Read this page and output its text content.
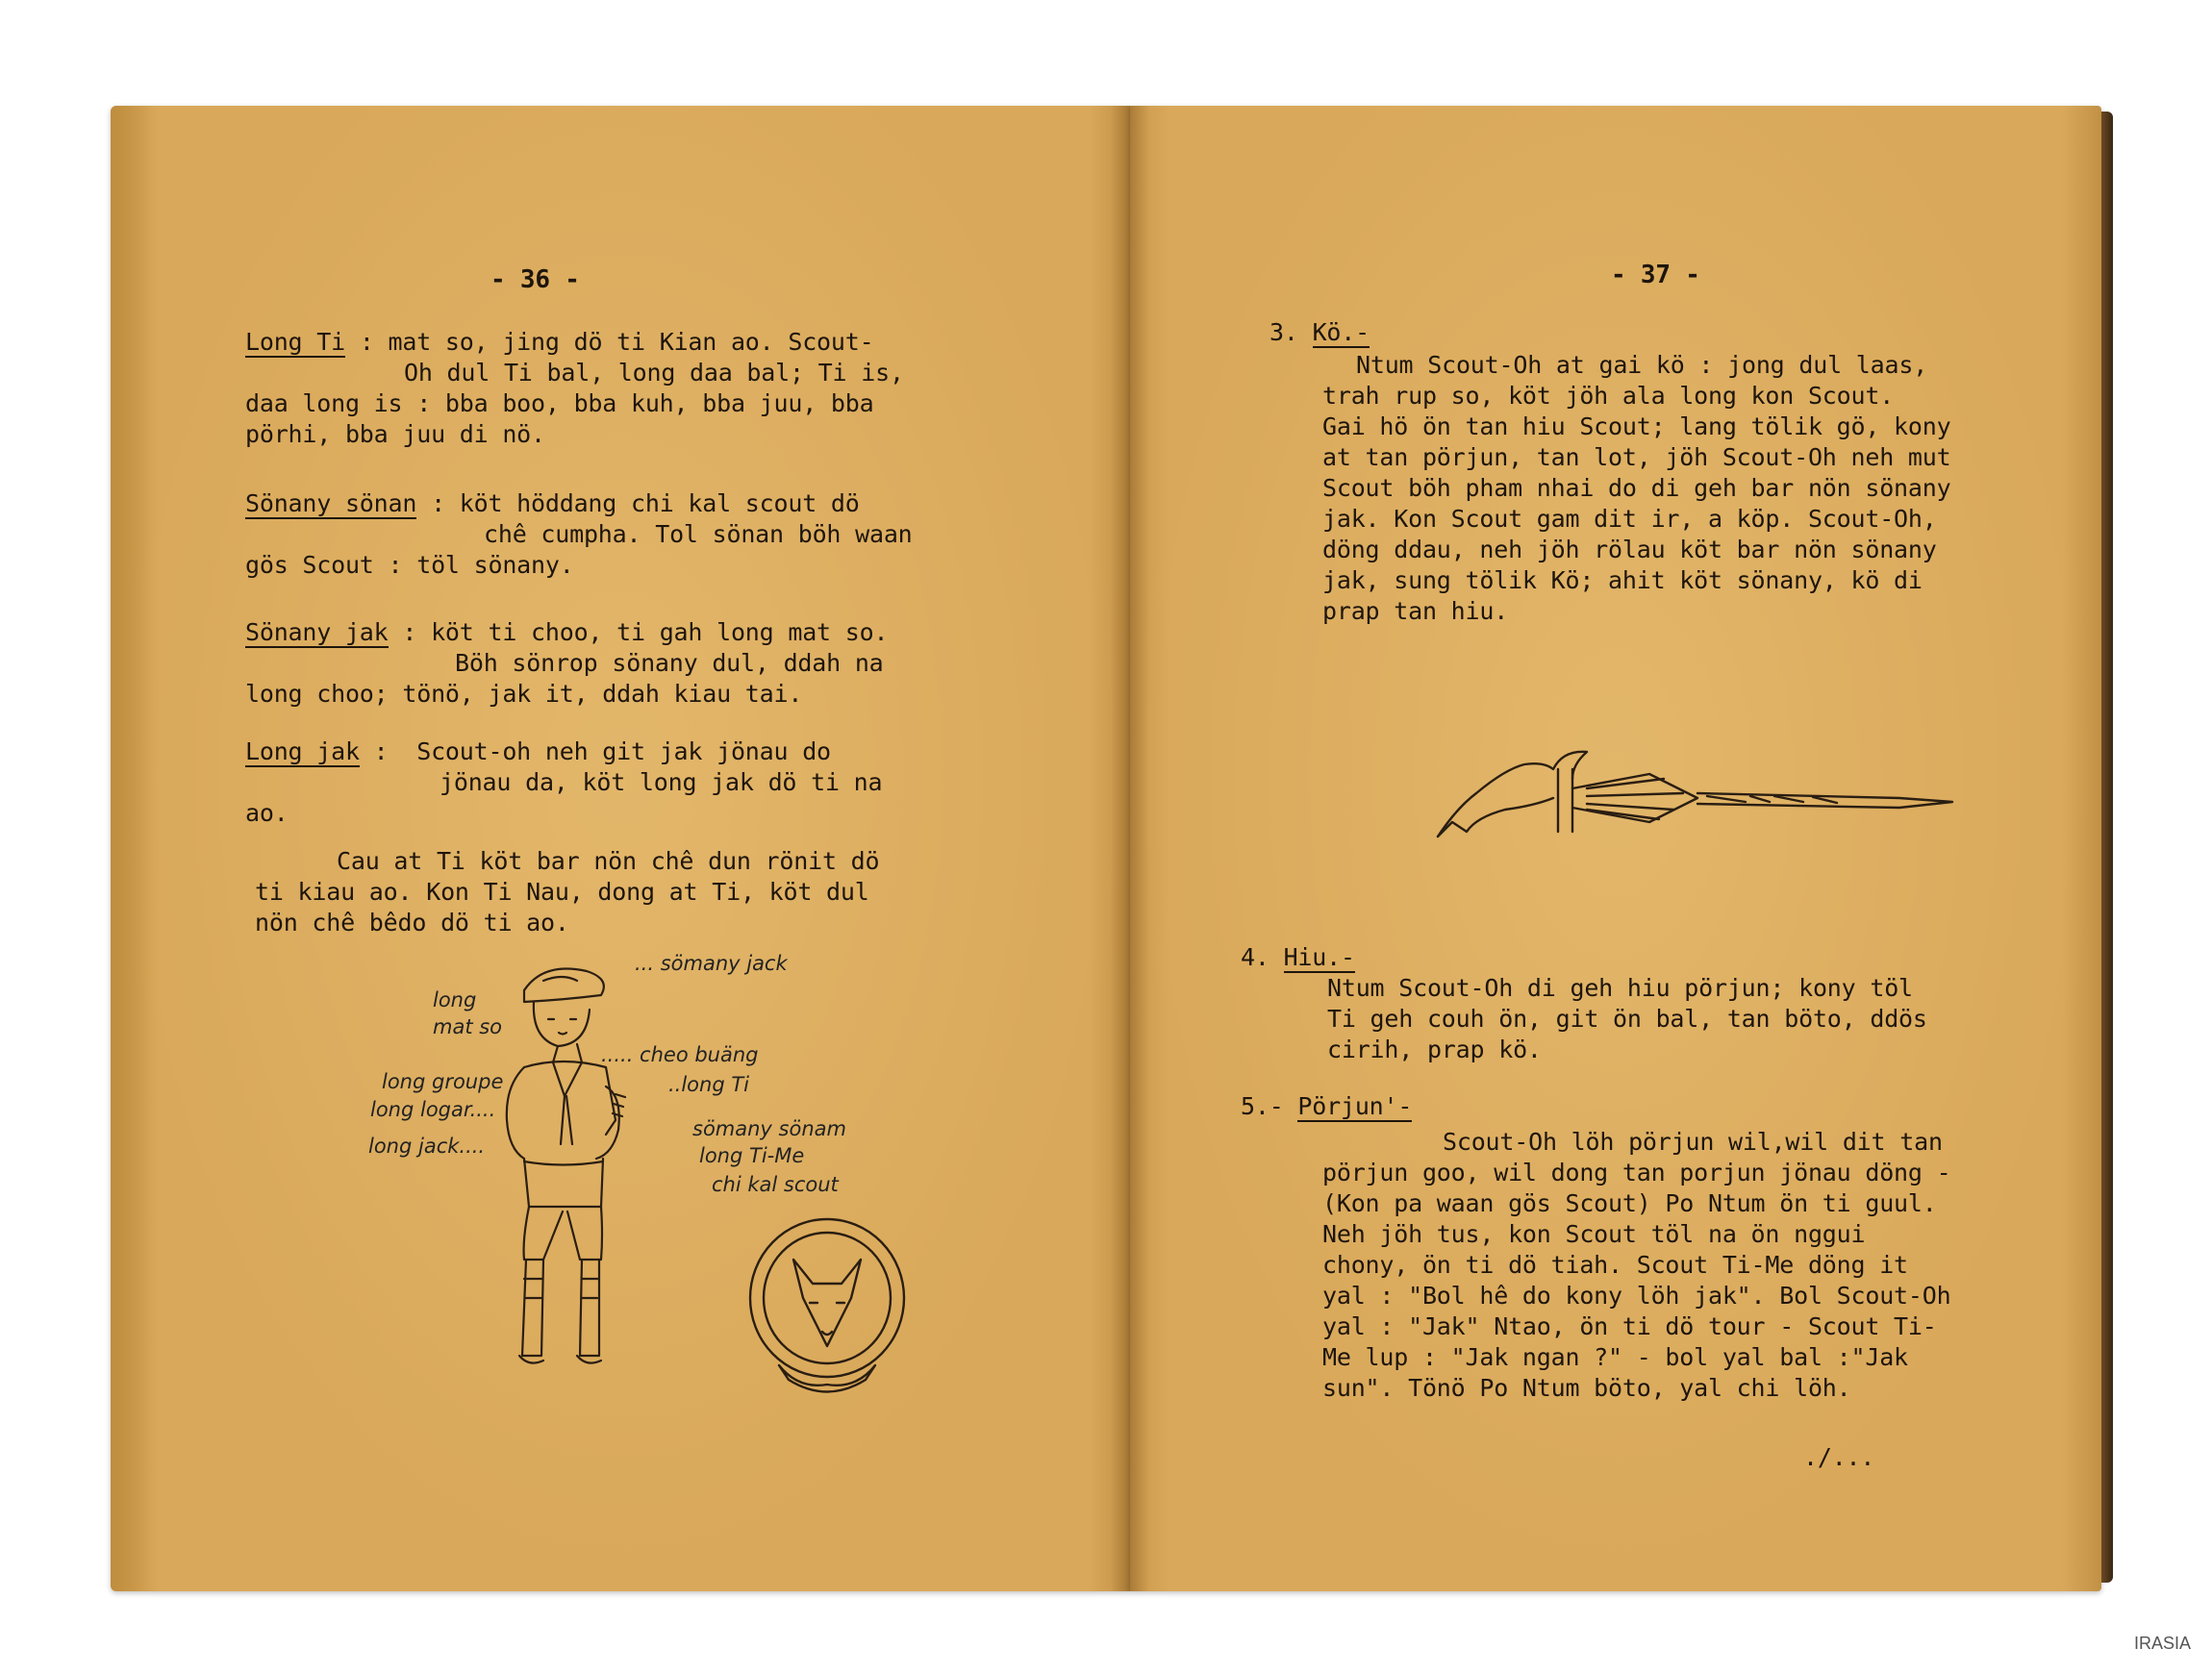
- 36 -
Long Ti : mat so, jing dö ti Kian ao. Scout-
Oh dul Ti bal, long daa bal; Ti is,
daa long is : bba boo, bba kuh, bba juu, bba
pörhi, bba juu di nö.
Sönany sönan : köt höddang chi kal scout dö
chê cumpha. Tol sönan böh waan
gös Scout : töl sönany.
Sönany jak : köt ti choo, ti gah long mat so.
Böh sönrop sönany dul, ddah na
long choo; tönö, jak it, ddah kiau tai.
Long jak :  Scout-oh neh git jak jönau do
jönau da, köt long jak dö ti na
ao.
Cau at Ti köt bar nön chê dun rönit dö
ti kiau ao. Kon Ti Nau, dong at Ti, köt dul
nön chê bêdo dö ti ao.
... sömany jack
long
mat so
..... cheo buäng
long groupe	..long Ti
long logar....
sömany sönam
long jack....	long Ti-Me
chi kal scout
- 37 -
3. Kö.-
Ntum Scout-Oh at gai kö : jong dul laas,
trah rup so, köt jöh ala long kon Scout.
Gai hö ön tan hiu Scout; lang tölik gö, kony
at tan pörjun, tan lot, jöh Scout-Oh neh mut
Scout böh pham nhai do di geh bar nön sönany
jak. Kon Scout gam dit ir, a köp. Scout-Oh,
döng ddau, neh jöh rölau köt bar nön sönany
jak, sung tölik Kö; ahit köt sönany, kö di
prap tan hiu.
4. Hiu.-
Ntum Scout-Oh di geh hiu pörjun; kony töl
Ti geh couh ön, git ön bal, tan böto, ddös
cirih, prap kö.
5.- Pörjun'-
Scout-Oh löh pörjun wil,wil dit tan
pörjun goo, wil dong tan porjun jönau döng -
(Kon pa waan gös Scout) Po Ntum ön ti guul.
Neh jöh tus, kon Scout töl na ön nggui
chony, ön ti dö tiah. Scout Ti-Me döng it
yal : "Bol hê do kony löh jak". Bol Scout-Oh
yal : "Jak" Ntao, ön ti dö tour - Scout Ti-
Me lup : "Jak ngan ?" - bol yal bal :"Jak
sun". Tönö Po Ntum böto, yal chi löh.
./...
IRASIA
